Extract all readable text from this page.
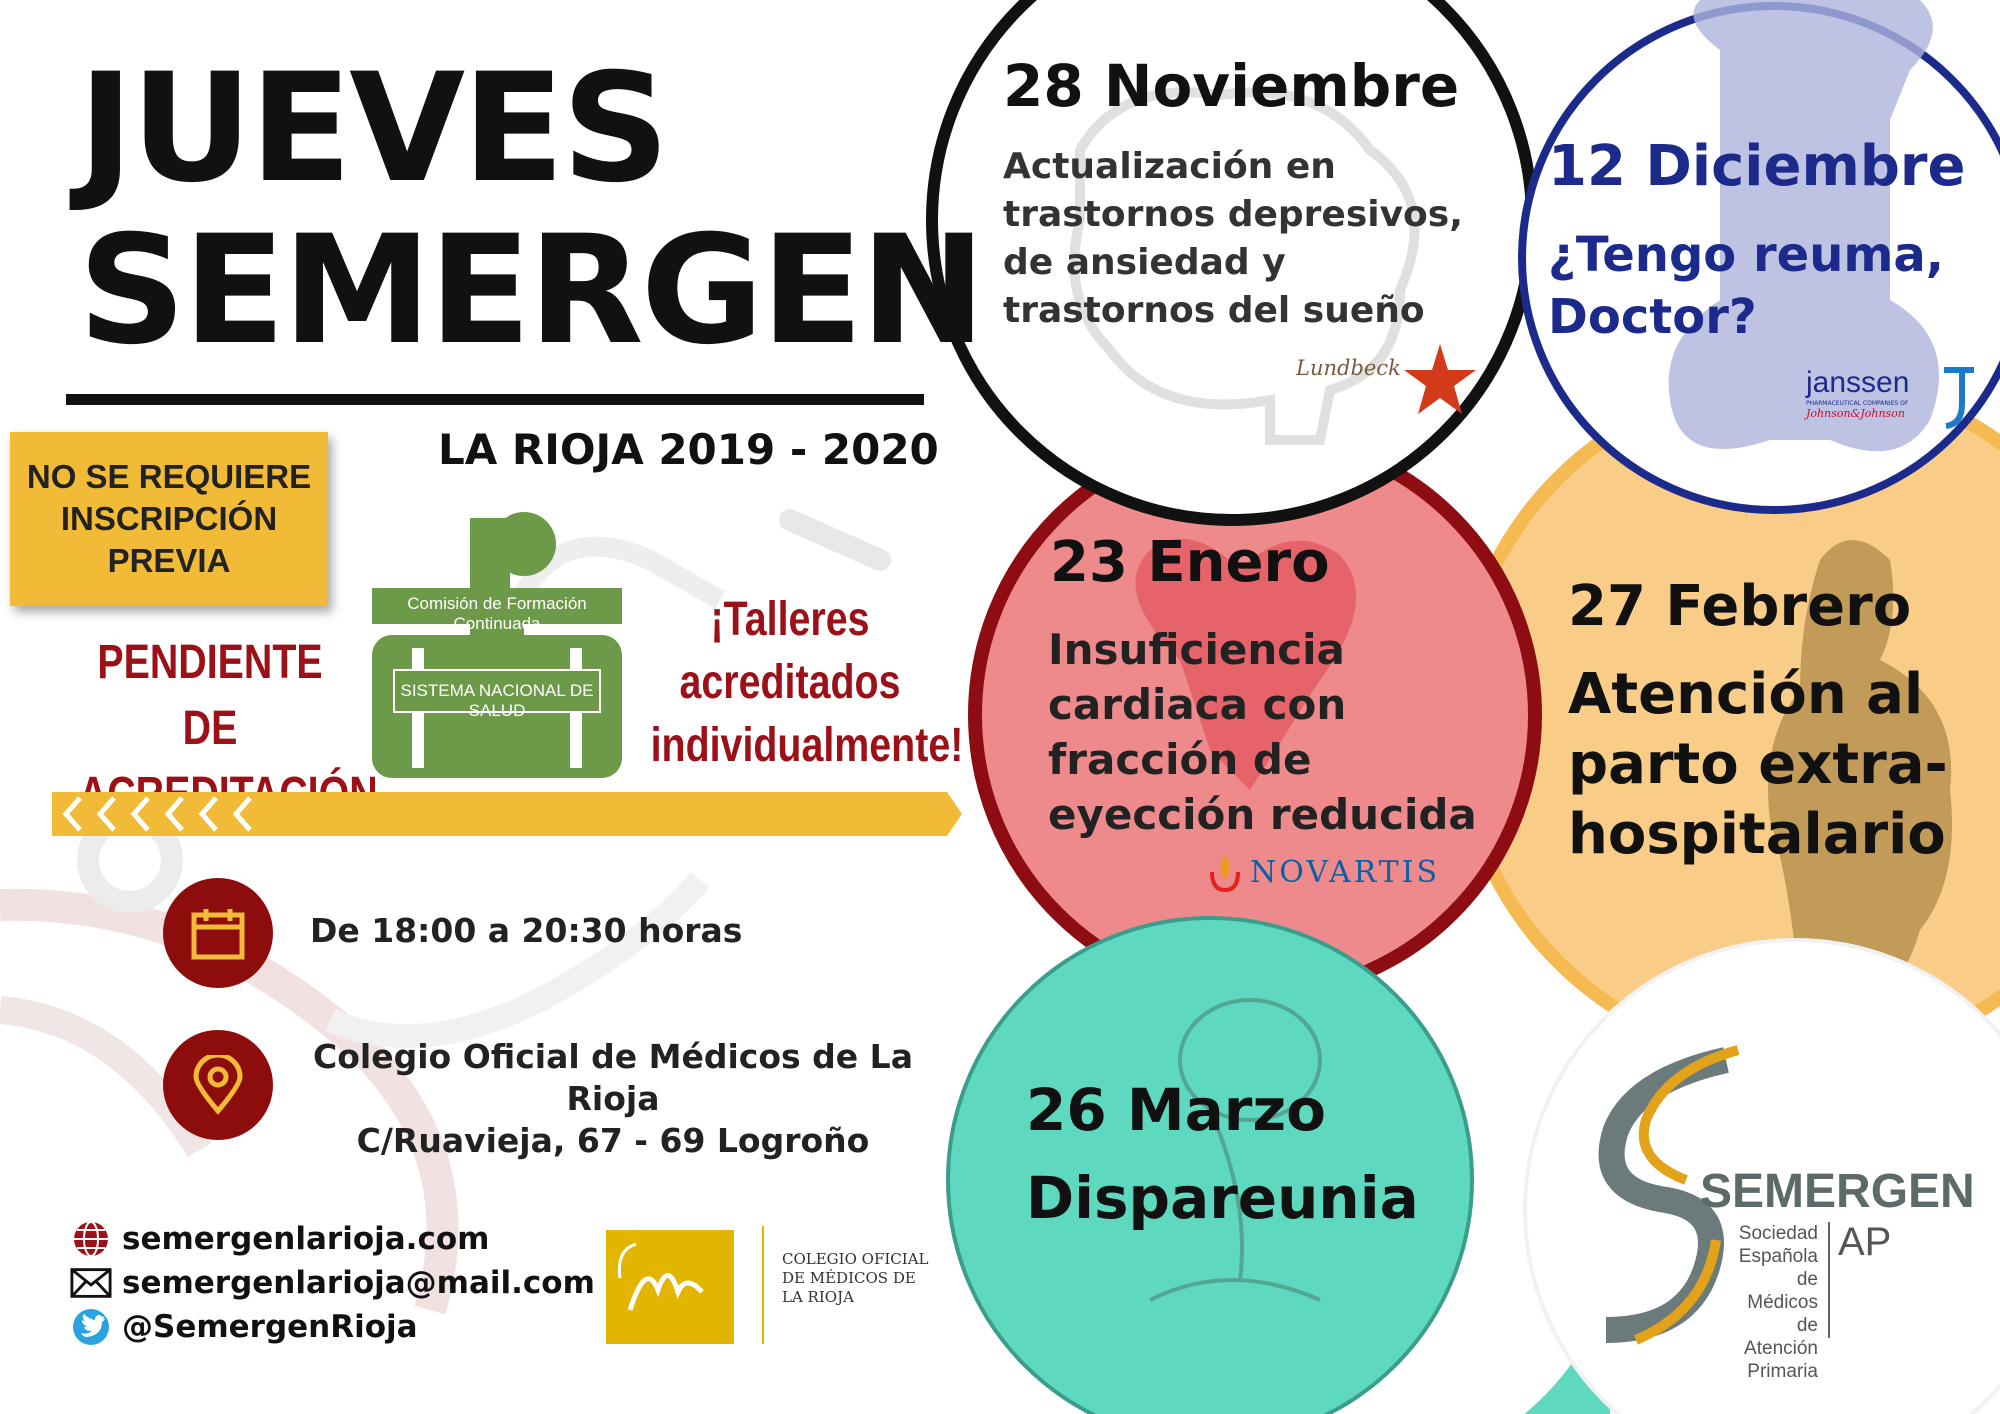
JUEVES
SEMERGEN
LA RIOJA 2019 - 2020
NO SE REQUIERE
INSCRIPCIÓN
PREVIA
PENDIENTE DE
Comisión de Formación Continuada
SISTEMA NACIONAL DE SALUD
¡Talleres
acreditados
individualmente!
De 18:00 a 20:30 horas
Colegio Oficial de Médicos de La Rioja
C/Ruavieja, 67 - 69 Logroño
semergenlarioja.com
semergenlarioja@mail.com
@SemergenRioja
COLEGIO OFICIAL
DE MÉDICOS DE
LA RIOJA
28 Noviembre
Actualización en
trastornos depresivos,
de ansiedad y
trastornos del sueño
Lundbeck
12 Diciembre
¿Tengo reuma,
Doctor?
janssen
PHARMACEUTICAL COMPANIES OF
Johnson&Johnson
23 Enero
Insuficiencia
cardiaca con
fracción de
eyección reducida
NOVARTIS
27 Febrero
Atención al
parto extra-
hospitalario
26 Marzo
Dispareunia	SEMERGEN
Sociedad
Española
de Médicos
de Atención
Primaria
AP
